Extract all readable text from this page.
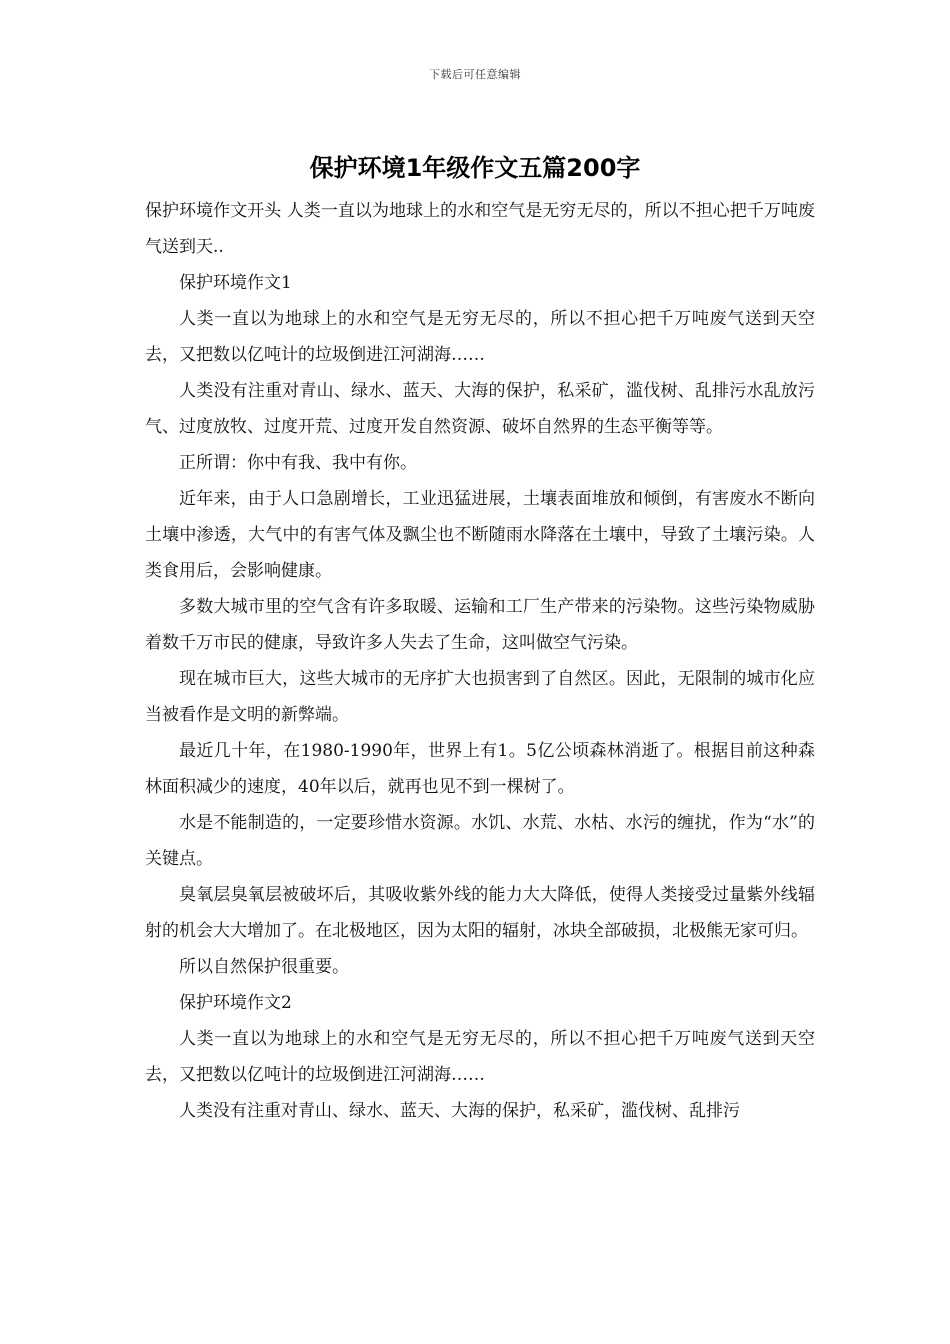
下载后可任意编辑
保护环境1年级作文五篇200字

保护环境作文开头 人类一直以为地球上的水和空气是无穷无尽的，所以不担心把千万吨废气送到天..

保护环境作文1

人类一直以为地球上的水和空气是无穷无尽的，所以不担心把千万吨废气送到天空去，又把数以亿吨计的垃圾倒进江河湖海……

人类没有注重对青山、绿水、蓝天、大海的保护，私采矿，滥伐树、乱排污水乱放污气、过度放牧、过度开荒、过度开发自然资源、破坏自然界的生态平衡等等。

正所谓：你中有我、我中有你。

近年来，由于人口急剧增长，工业迅猛进展，土壤表面堆放和倾倒，有害废水不断向土壤中渗透，大气中的有害气体及飘尘也不断随雨水降落在土壤中，导致了土壤污染。人类食用后，会影响健康。

多数大城市里的空气含有许多取暖、运输和工厂生产带来的污染物。这些污染物威胁着数千万市民的健康，导致许多人失去了生命，这叫做空气污染。

现在城市巨大，这些大城市的无序扩大也损害到了自然区。因此，无限制的城市化应当被看作是文明的新弊端。

最近几十年，在1980-1990年，世界上有1。5亿公顷森林消逝了。根据目前这种森林面积减少的速度，40年以后，就再也见不到一棵树了。

水是不能制造的，一定要珍惜水资源。水饥、水荒、水枯、水污的缠扰，作为“水”的关键点。

臭氧层臭氧层被破坏后，其吸收紫外线的能力大大降低，使得人类接受过量紫外线辐射的机会大大增加了。在北极地区，因为太阳的辐射，冰块全部破损，北极熊无家可归。

所以自然保护很重要。

保护环境作文2

人类一直以为地球上的水和空气是无穷无尽的，所以不担心把千万吨废气送到天空去，又把数以亿吨计的垃圾倒进江河湖海……

人类没有注重对青山、绿水、蓝天、大海的保护，私采矿，滥伐树、乱排污
